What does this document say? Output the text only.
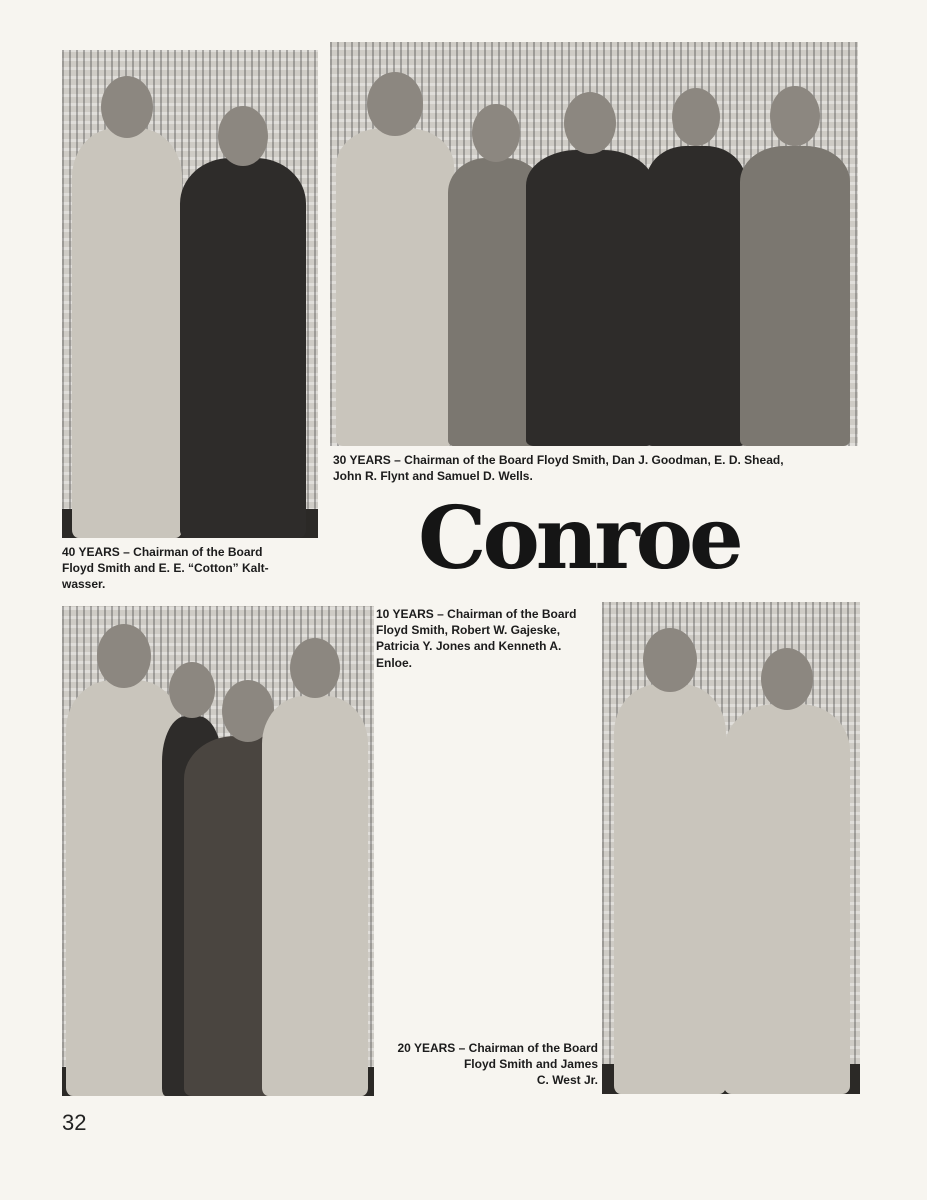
40 YEARS – Chairman of the Board
Floyd Smith and E. E. “Cotton” Kalt-
wasser.
30 YEARS – Chairman of the Board Floyd Smith, Dan J. Goodman, E. D. Shead,
John R. Flynt and Samuel D. Wells.
Conroe
10 YEARS – Chairman of the Board
Floyd Smith, Robert W. Gajeske,
Patricia Y. Jones and Kenneth A.
Enloe.
20 YEARS – Chairman of the Board
Floyd Smith and James
C. West Jr.
32
